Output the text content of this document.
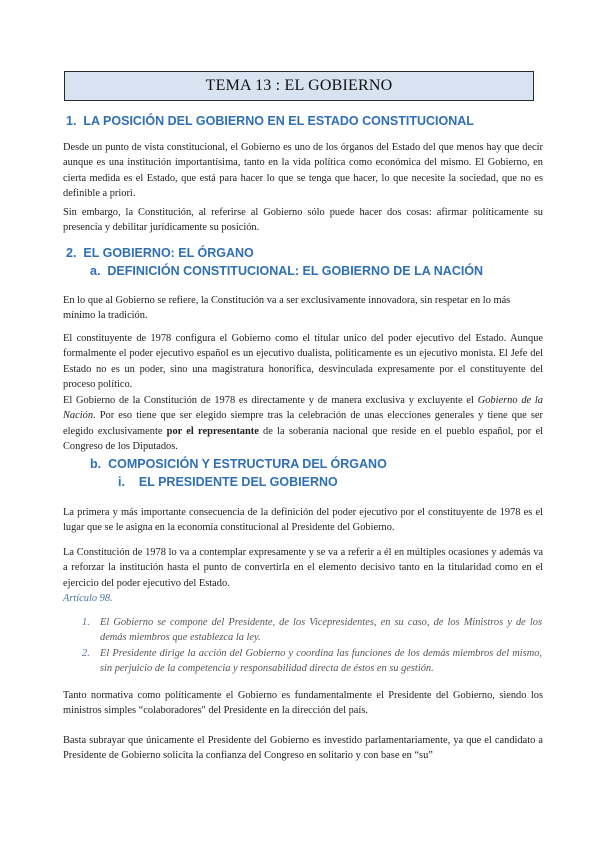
TEMA 13 : EL GOBIERNO
1. LA POSICIÓN DEL GOBIERNO EN EL ESTADO CONSTITUCIONAL

Desde un punto de vista constitucional, el Gobierno es uno de los órganos del Estado del que menos hay que decir aunque es una institución importantísima, tanto en la vida política como económica del mismo. El Gobierno, en cierta medida es el Estado, que está para hacer lo que se tenga que hacer, lo que necesite la sociedad, que no es definible a priori.

Sin embargo, la Constitución, al referirse al Gobierno sólo puede hacer dos cosas: afirmar políticamente su presencia y debilitar jurídicamente su posición.

2. EL GOBIERNO: EL ÓRGANO
a. DEFINICIÓN CONSTITUCIONAL: EL GOBIERNO DE LA NACIÓN

En lo que al Gobierno se refiere, la Constitución va a ser exclusivamente innovadora, sin respetar en lo más mínimo la tradición.

El constituyente de 1978 configura el Gobierno como el titular unico del poder ejecutivo del Estado. Aunque formalmente el poder ejecutivo español es un ejecutivo dualista, politicamente es un ejecutivo monista. El Jefe del Estado no es un poder, sino una magistratura honorífica, desvinculada expresamente por el constituyente del proceso político.

El Gobierno de la Constitución de 1978 es directamente y de manera exclusiva y excluyente el Gobierno de la Nación. Por eso tiene que ser elegido siempre tras la celebración de unas elecciones generales y tiene que ser elegido exclusivamente por el representante de la soberanía nacional que reside en el pueblo español, por el Congreso de los Diputados.

b. COMPOSICIÓN Y ESTRUCTURA DEL ÓRGANO
i. EL PRESIDENTE DEL GOBIERNO

La primera y más importante consecuencia de la definición del poder ejecutivo por el constituyente de 1978 es el lugar que se le asigna en la economía constitucional al Presidente del Gobierno.

La Constitución de 1978 lo va a contemplar expresamente y se va a referir a él en múltiples ocasiones y además va a reforzar la institución hasta el punto de convertirla en el elemento decisivo tanto en la titularidad como en el ejercicio del poder ejecutivo del Estado.

Artículo 98.
1. El Gobierno se compone del Presidente, de los Vicepresidentes, en su caso, de los Ministros y de los demás miembros que establezca la ley.
2. El Presidente dirige la acción del Gobierno y coordina las funciones de los demás miembros del mismo, sin perjuicio de la competencia y responsabilidad directa de éstos en su gestión.

Tanto normativa como políticamente el Gobierno es fundamentalmente el Presidente del Gobierno, siendo los ministros simples “colaboradores" del Presidente en la dirección del país.

Basta subrayar que únicamente el Presidente del Gobierno es investido parlamentariamente, ya que el candidato a Presidente de Gobierno solicita la confianza del Congreso en solitario y con base en “su”
